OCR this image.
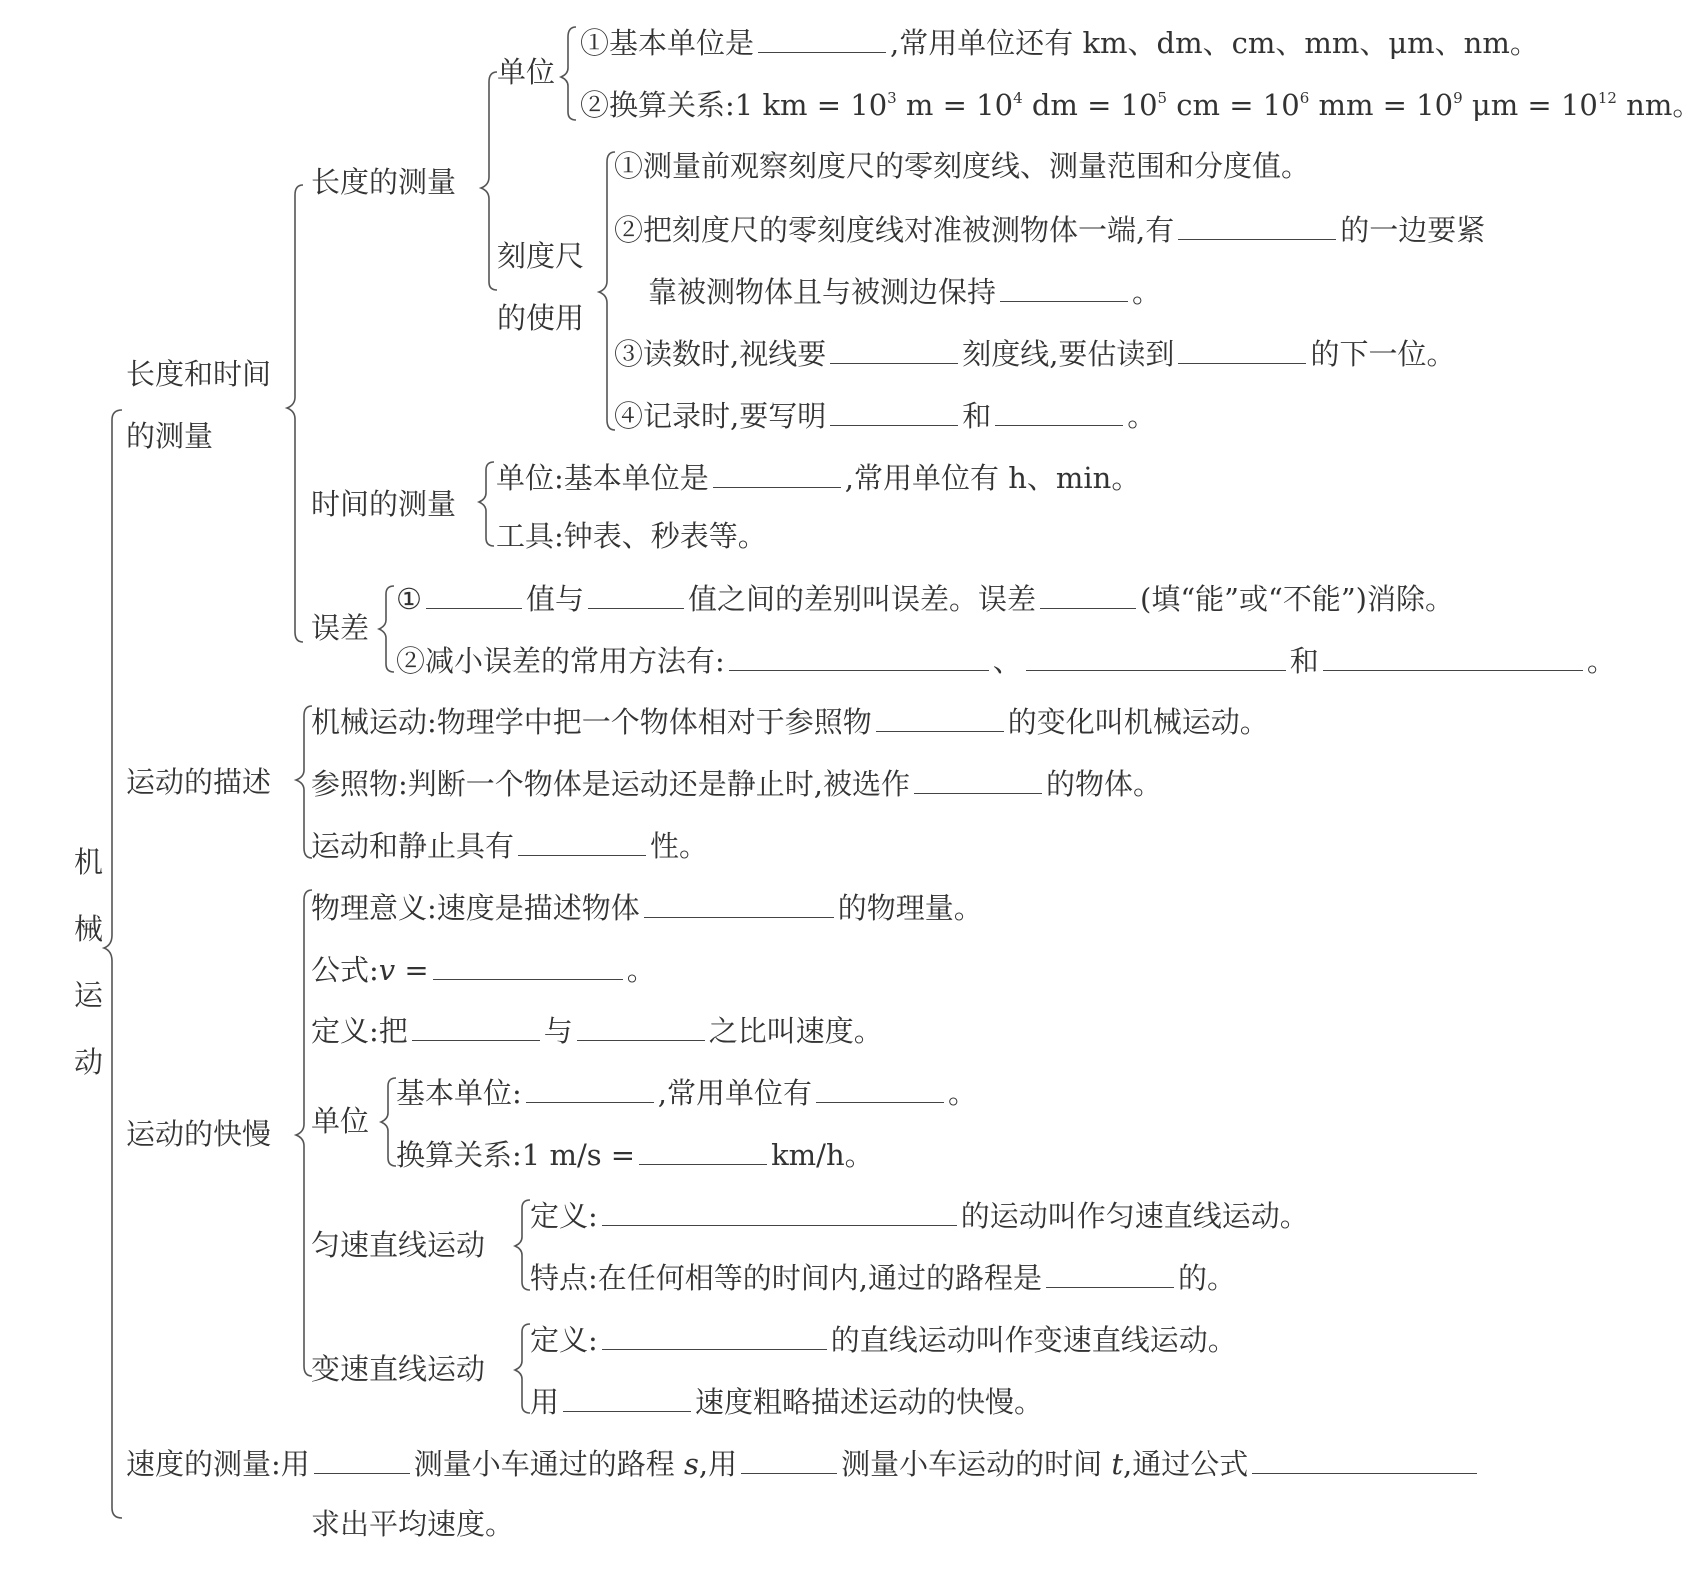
机
械
运
动
长度和时间
的测量
长度的测量
单位
①基本单位是	,常用单位还有 km、dm、cm、mm、μm、nm。
②换算关系:1 km = $10^3$ $m = 10^4$ dm = $10^5$ cm = $10^6$ mm = $10^9$ $\mu m = 10^{12}$ nm。
刻度尺
的使用
①测量前观察刻度尺的零刻度线、测量范围和分度值。
②把刻度尺的零刻度线对准被测物体一端,有	的一边要紧
靠被测物体且与被测边保持	。
③读数时,视线要	刻度线,要估读到	的下一位。
④记录时,要写明	和	。
时间的测量
单位:基本单位是	,常用单位有 h、min。
工具:钟表、秒表等。
误差
①	值与	值之间的差别叫误差。误差	(填“能”或“不能”)消除。
②减小误差的常用方法有:	、	和	。
运动的描述
机械运动:物理学中把一个物体相对于参照物	的变化叫机械运动。
参照物:判断一个物体是运动还是静止时,被选作	的物体。
运动和静止具有	性。
运动的快慢
物理意义:速度是描述物体	的物理量。
公式:v =	。
定义:把	与	之比叫速度。
单位
基本单位:	,常用单位有	。
换算关系:1 m/s =	km/h。
匀速直线运动
定义:	的运动叫作匀速直线运动。
特点:在任何相等的时间内,通过的路程是	的。
变速直线运动
定义:	的直线运动叫作变速直线运动。
用	速度粗略描述运动的快慢。
速度的测量:用	测量小车通过的路程 s,用	测量小车运动的时间 t,通过公式
求出平均速度。
